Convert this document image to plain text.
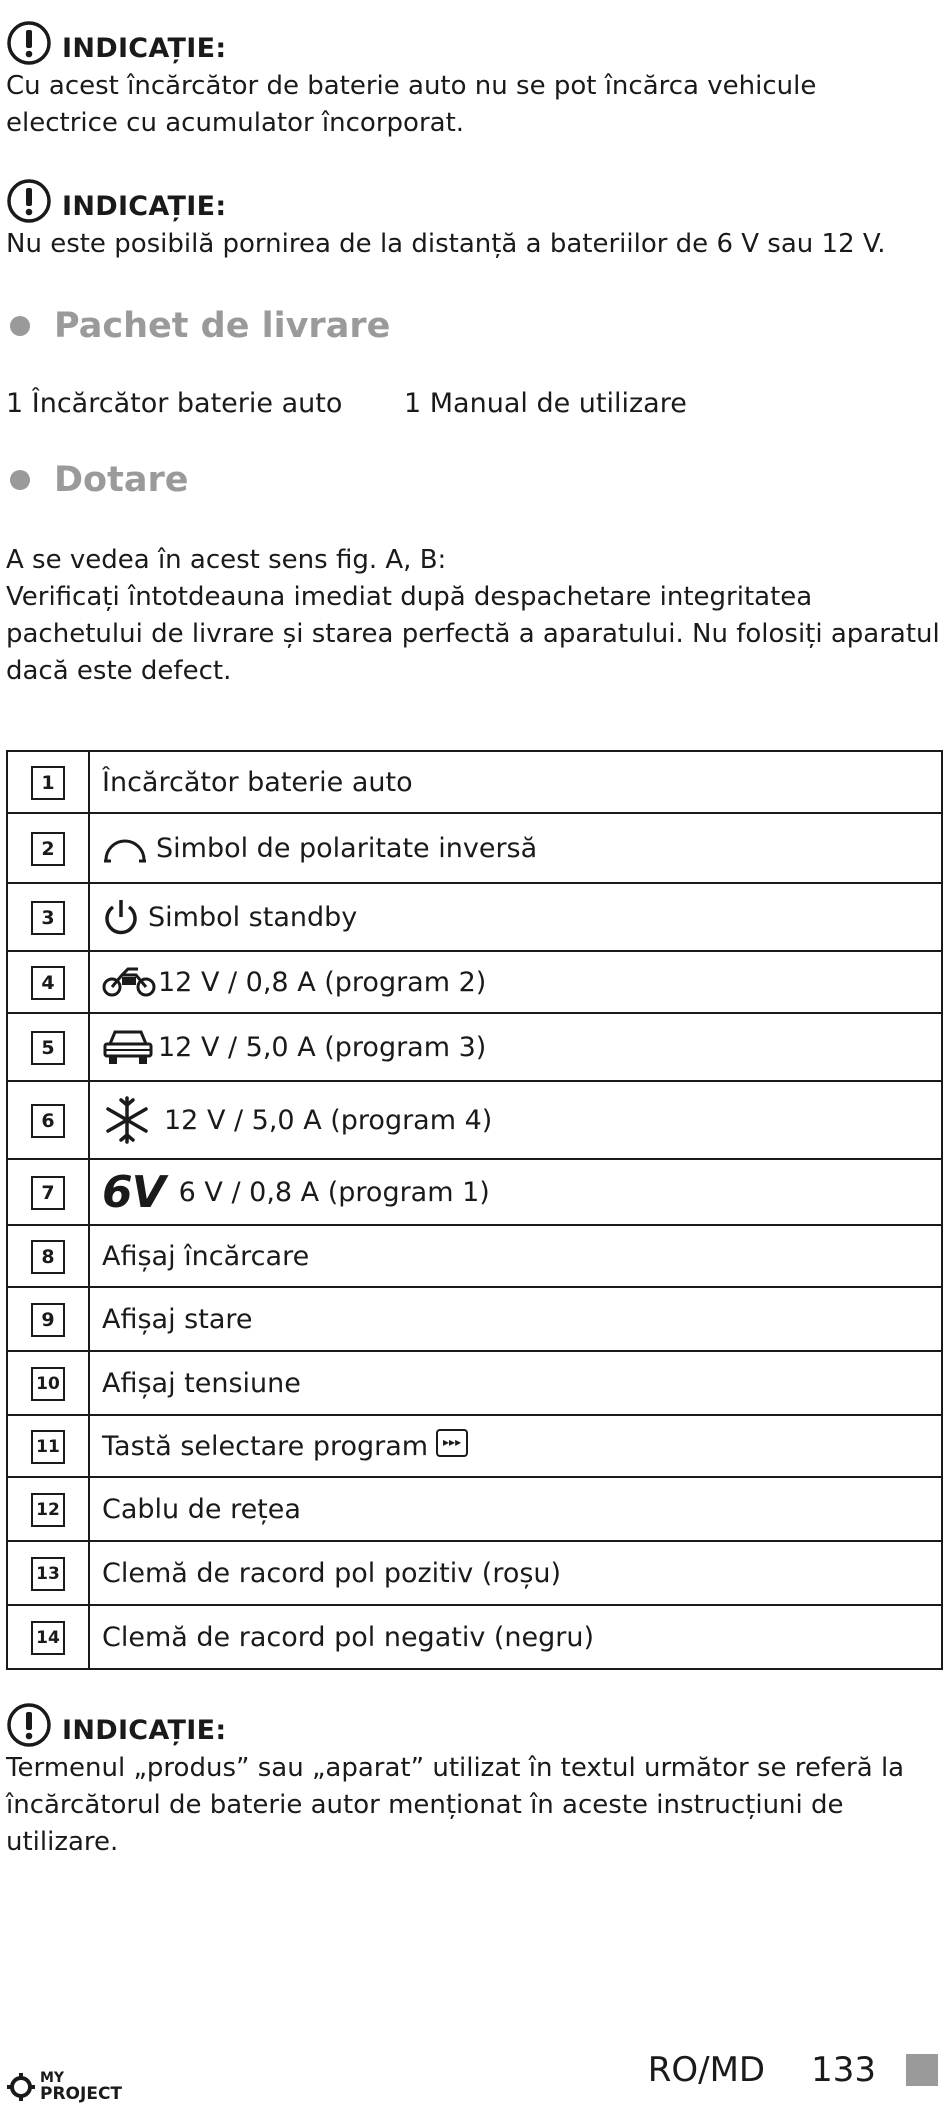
INDICAȚIE:

Cu acest încărcător de baterie auto nu se pot încărca vehicule electrice cu acumulator încorporat.

INDICAȚIE:

Nu este posibilă pornirea de la distanță a bateriilor de 6 V sau 12 V.

Pachet de livrare
1 Încărcător baterie auto	1 Manual de utilizare
Dotare

A se vedea în acest sens fig. A, B:

Verificați întotdeauna imediat după despachetare integritatea pachetului de livrare și starea perfectă a aparatului. Nu folosiți aparatul dacă este defect.

1	Încărcător baterie auto
2	Simbol de polaritate inversă

3	Simbol standby

4	12 V / 0,8 A (program 2)

5	12 V / 5,0 A (program 3)

6	12 V / 5,0 A (program 4)

7	6V 6 V / 0,8 A (program 1)

8	Afișaj încărcare
9	Afișaj stare
10	Afișaj tensiune
11	Tastă selectare program ▸▸▸

12	Cablu de rețea
13	Clemă de racord pol pozitiv (roșu)
14	Clemă de racord pol negativ (negru)
INDICAȚIE:

Termenul „produs” sau „aparat” utilizat în textul următor se referă la încărcătorul de baterie autor menționat în aceste instrucțiuni de utilizare.

MY
PROJECT
RO/MD 133
